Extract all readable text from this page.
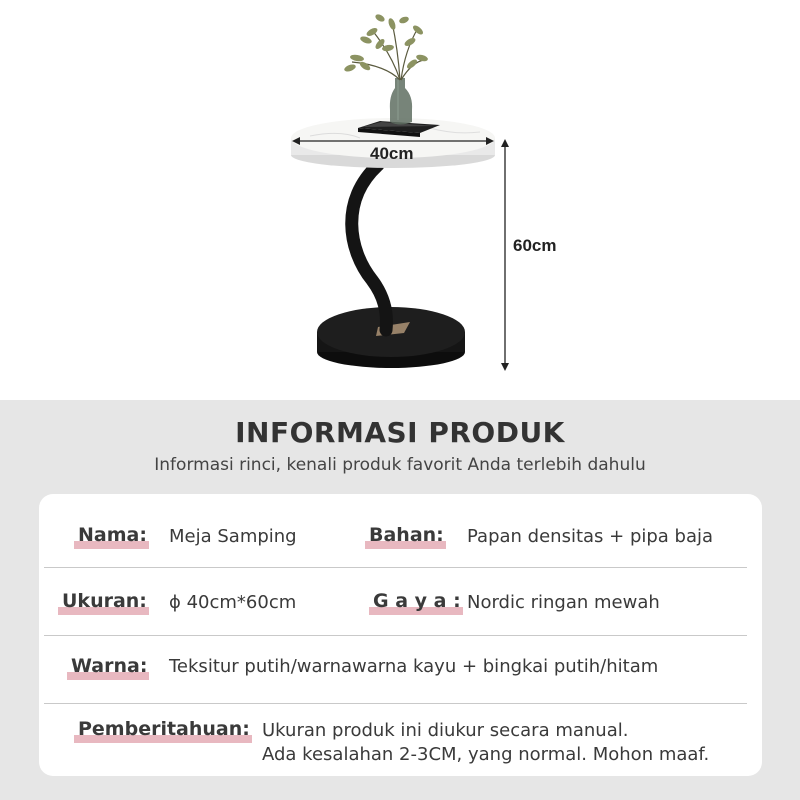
40cm
60cm
INFORMASI PRODUK
Informasi rinci, kenali produk favorit Anda terlebih dahulu
Nama: Meja Samping	Bahan: Papan densitas + pipa baja
Ukuran: ϕ 40cm*60cm	G a y a : Nordic ringan mewah
Warna: Teksitur putih/warnawarna kayu + bingkai putih/hitam
Pemberitahuan: Ukuran produk ini diukur secara manual.
Ada kesalahan 2-3CM, yang normal. Mohon maaf.
